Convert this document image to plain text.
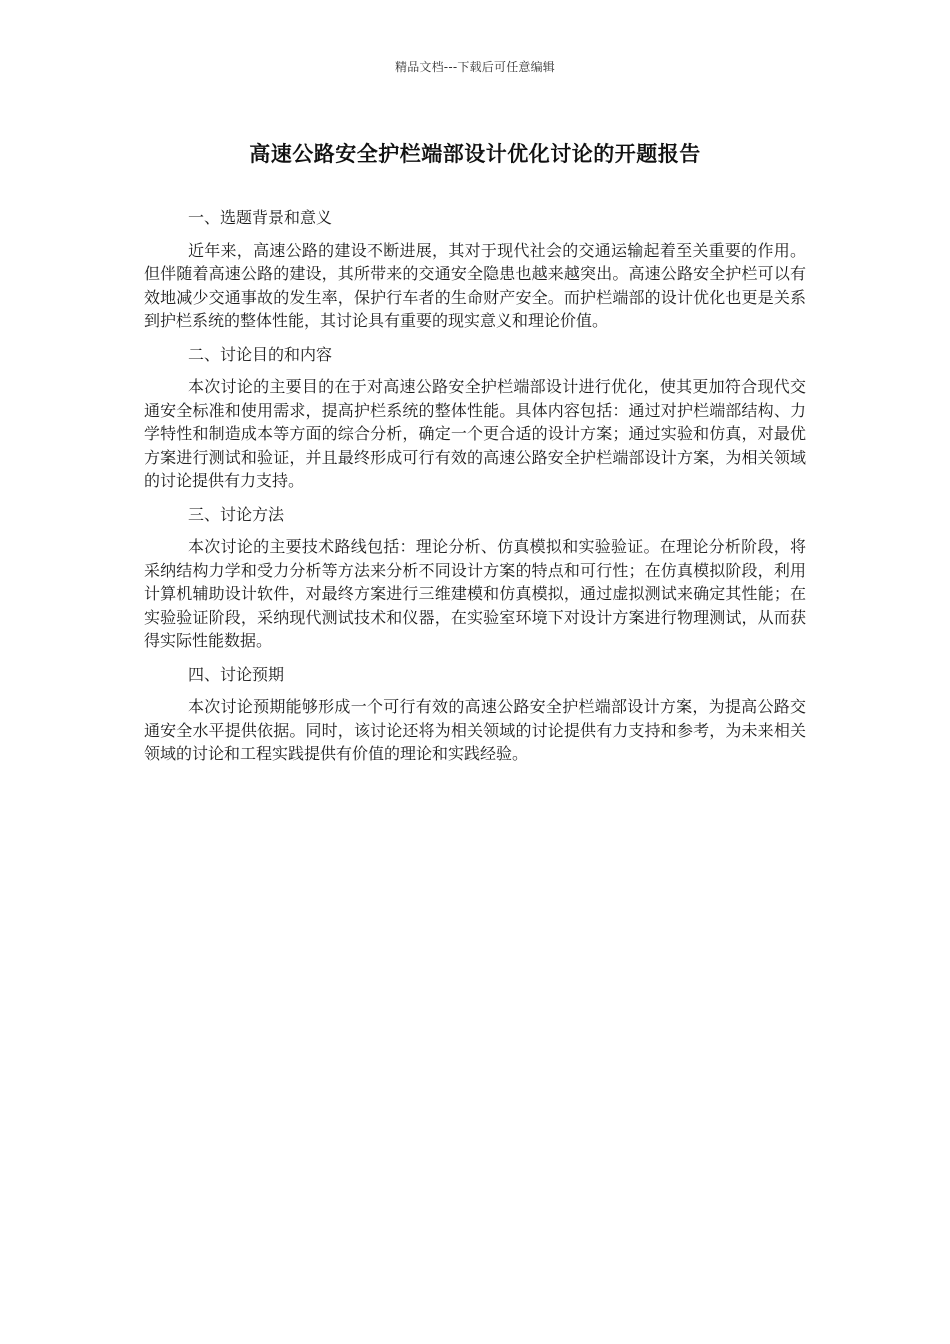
精品文档---下载后可任意编辑
高速公路安全护栏端部设计优化讨论的开题报告

一、选题背景和意义

近年来，高速公路的建设不断进展，其对于现代社会的交通运输起着至关重要的作用。但伴随着高速公路的建设，其所带来的交通安全隐患也越来越突出。高速公路安全护栏可以有效地减少交通事故的发生率，保护行车者的生命财产安全。而护栏端部的设计优化也更是关系到护栏系统的整体性能，其讨论具有重要的现实意义和理论价值。

二、讨论目的和内容

本次讨论的主要目的在于对高速公路安全护栏端部设计进行优化，使其更加符合现代交通安全标准和使用需求，提高护栏系统的整体性能。具体内容包括：通过对护栏端部结构、力学特性和制造成本等方面的综合分析，确定一个更合适的设计方案；通过实验和仿真，对最优方案进行测试和验证，并且最终形成可行有效的高速公路安全护栏端部设计方案，为相关领域的讨论提供有力支持。

三、讨论方法

本次讨论的主要技术路线包括：理论分析、仿真模拟和实验验证。在理论分析阶段，将采纳结构力学和受力分析等方法来分析不同设计方案的特点和可行性；在仿真模拟阶段，利用计算机辅助设计软件，对最终方案进行三维建模和仿真模拟，通过虚拟测试来确定其性能；在实验验证阶段，采纳现代测试技术和仪器，在实验室环境下对设计方案进行物理测试，从而获得实际性能数据。

四、讨论预期

本次讨论预期能够形成一个可行有效的高速公路安全护栏端部设计方案，为提高公路交通安全水平提供依据。同时，该讨论还将为相关领域的讨论提供有力支持和参考，为未来相关领域的讨论和工程实践提供有价值的理论和实践经验。
